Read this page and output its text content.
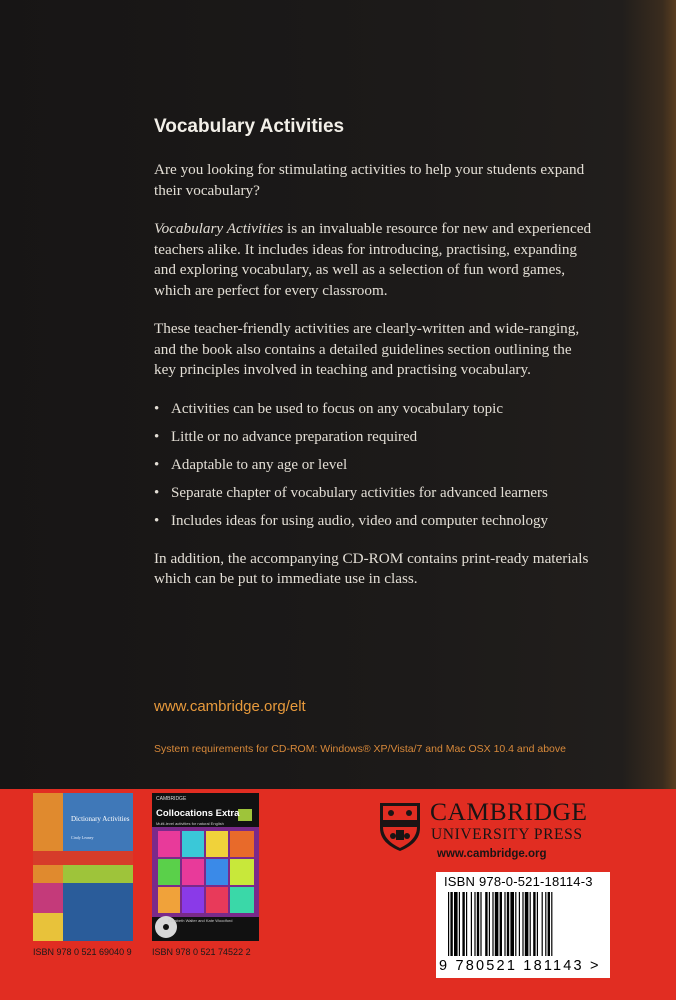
Vocabulary Activities

Are you looking for stimulating activities to help your students expand their vocabulary?

Vocabulary Activities is an invaluable resource for new and experienced teachers alike. It includes ideas for introducing, practising, expanding and exploring vocabulary, as well as a selection of fun word games, which are perfect for every classroom.

These teacher-friendly activities are clearly-written and wide-ranging, and the book also contains a detailed guidelines section outlining the key principles involved in teaching and practising vocabulary.

• Activities can be used to focus on any vocabulary topic
• Little or no advance preparation required
• Adaptable to any age or level
• Separate chapter of vocabulary activities for advanced learners
• Includes ideas for using audio, video and computer technology

In addition, the accompanying CD-ROM contains print-ready materials which can be put to immediate use in class.

www.cambridge.org/elt
System requirements for CD-ROM: Windows® XP/Vista/7 and Mac OSX 10.4 and above
Dictionary Activities
Cindy Leaney
ISBN 978 0 521 69040 9
CAMBRIDGE
Collocations Extra
Multi-level activities for natural English
Elizabeth Walter and Kate Woodford
ISBN 978 0 521 74522 2
CAMBRIDGE
UNIVERSITY PRESS
www.cambridge.org
ISBN 978-0-521-18114-3
9 780521 181143 >
